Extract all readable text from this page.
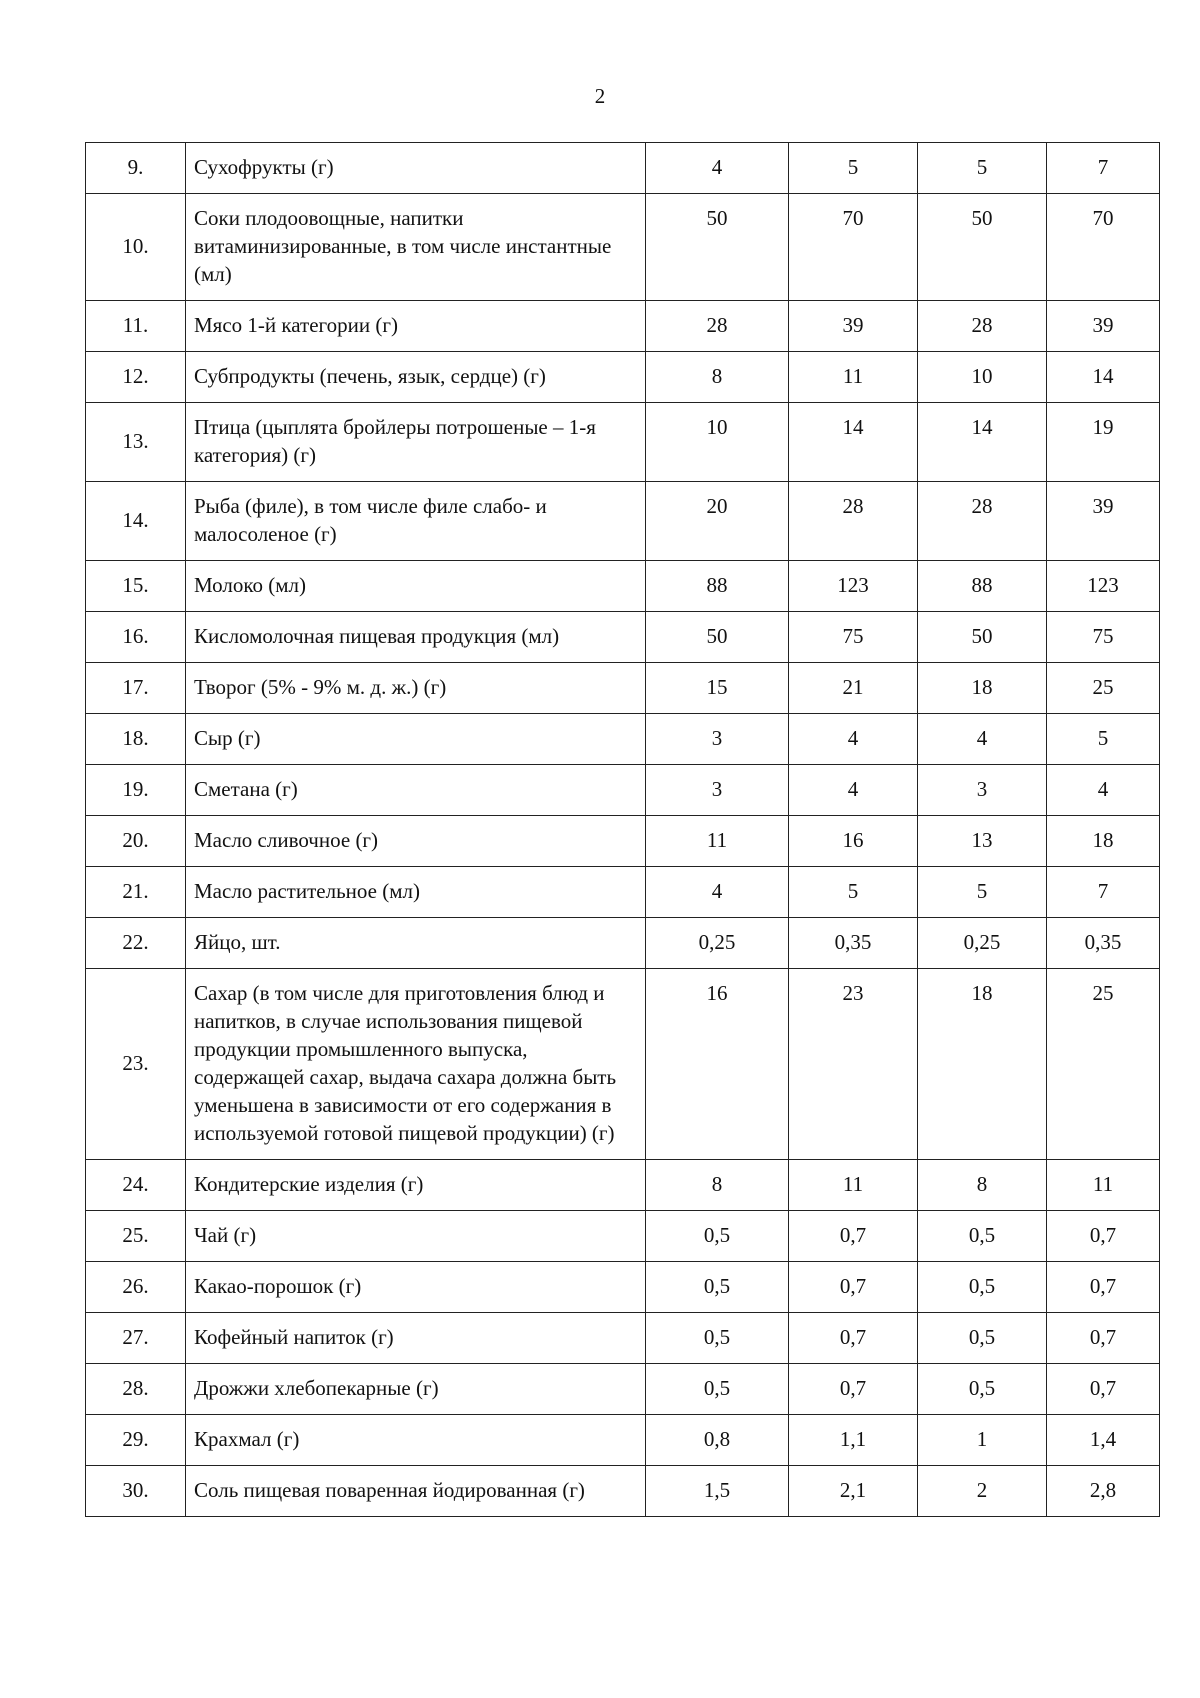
2
9.	Сухофрукты (г)	4	5	5	7
10.	Соки плодоовощные, напитки витаминизированные, в том числе инстантные (мл)	50	70	50	70
11.	Мясо 1-й категории (г)	28	39	28	39
12.	Субпродукты (печень, язык, сердце) (г)	8	11	10	14
13.	Птица (цыплята бройлеры потрошеные – 1-я категория) (г)	10	14	14	19
14.	Рыба (филе), в том числе филе слабо- и малосоленое (г)	20	28	28	39
15.	Молоко (мл)	88	123	88	123
16.	Кисломолочная пищевая продукция (мл)	50	75	50	75
17.	Творог (5% - 9% м. д. ж.) (г)	15	21	18	25
18.	Сыр (г)	3	4	4	5
19.	Сметана (г)	3	4	3	4
20.	Масло сливочное (г)	11	16	13	18
21.	Масло растительное (мл)	4	5	5	7
22.	Яйцо, шт.	0,25	0,35	0,25	0,35
23.	Сахар (в том числе для приготовления блюд и напитков, в случае использования пищевой продукции промышленного выпуска, содержащей сахар, выдача сахара должна быть уменьшена в зависимости от его содержания в используемой готовой пищевой продукции) (г)	16	23	18	25
24.	Кондитерские изделия (г)	8	11	8	11
25.	Чай (г)	0,5	0,7	0,5	0,7
26.	Какао-порошок (г)	0,5	0,7	0,5	0,7
27.	Кофейный напиток (г)	0,5	0,7	0,5	0,7
28.	Дрожжи хлебопекарные (г)	0,5	0,7	0,5	0,7
29.	Крахмал (г)	0,8	1,1	1	1,4
30.	Соль пищевая поваренная йодированная (г)	1,5	2,1	2	2,8
